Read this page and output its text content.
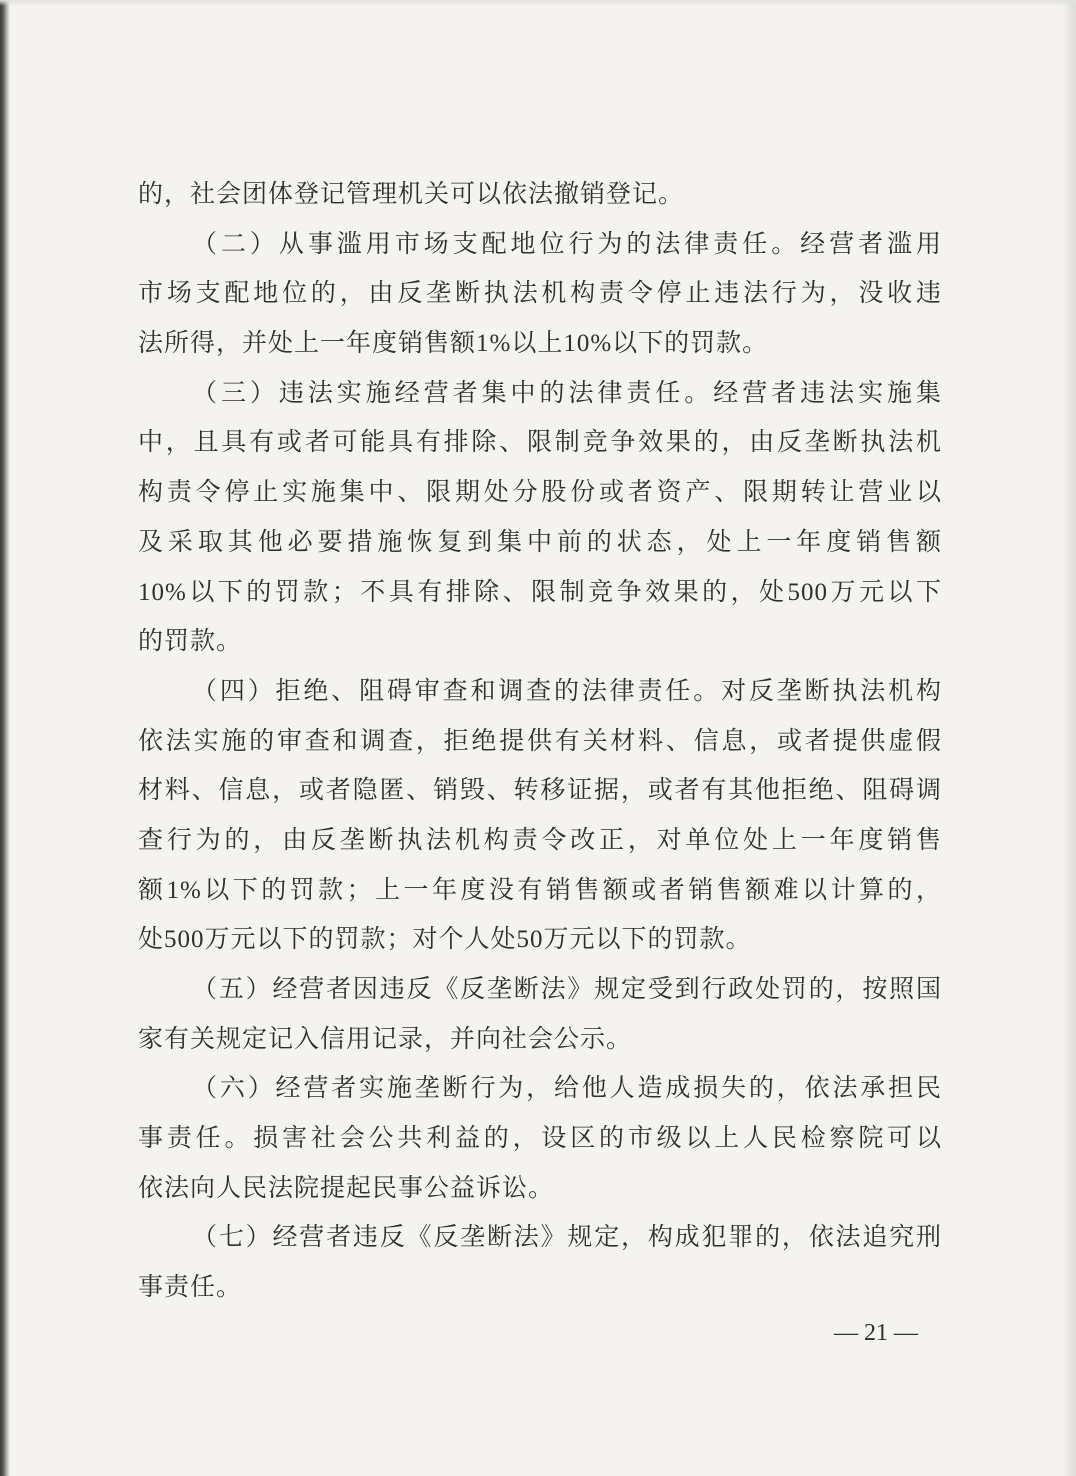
的，社会团体登记管理机关可以依法撤销登记。
（二）从事滥用市场支配地位行为的法律责任。经营者滥用
市场支配地位的，由反垄断执法机构责令停止违法行为，没收违
法所得，并处上一年度销售额1%以上10%以下的罚款。
（三）违法实施经营者集中的法律责任。经营者违法实施集
中，且具有或者可能具有排除、限制竞争效果的，由反垄断执法机
构责令停止实施集中、限期处分股份或者资产、限期转让营业以
及采取其他必要措施恢复到集中前的状态，处上一年度销售额
10%以下的罚款；不具有排除、限制竞争效果的，处500万元以下
的罚款。
（四）拒绝、阻碍审查和调查的法律责任。对反垄断执法机构
依法实施的审查和调查，拒绝提供有关材料、信息，或者提供虚假
材料、信息，或者隐匿、销毁、转移证据，或者有其他拒绝、阻碍调
查行为的，由反垄断执法机构责令改正，对单位处上一年度销售
额1%以下的罚款；上一年度没有销售额或者销售额难以计算的，
处500万元以下的罚款；对个人处50万元以下的罚款。
（五）经营者因违反《反垄断法》规定受到行政处罚的，按照国
家有关规定记入信用记录，并向社会公示。
（六）经营者实施垄断行为，给他人造成损失的，依法承担民
事责任。损害社会公共利益的，设区的市级以上人民检察院可以
依法向人民法院提起民事公益诉讼。
（七）经营者违反《反垄断法》规定，构成犯罪的，依法追究刑
事责任。
— 21 —
